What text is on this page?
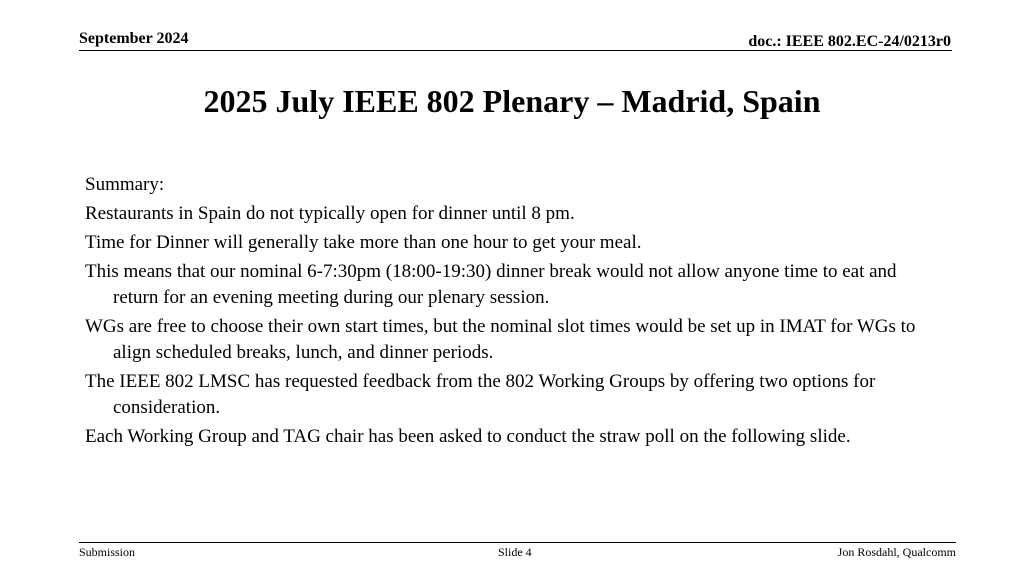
September 2024	doc.: IEEE 802.EC-24/0213r0
2025 July IEEE 802 Plenary – Madrid, Spain

Summary:

Restaurants in Spain do not typically open for dinner until 8 pm.

Time for Dinner will generally take more than one hour to get your meal.

This means that our nominal 6-7:30pm (18:00-19:30) dinner break would not allow anyone time to eat and return for an evening meeting during our plenary session.

WGs are free to choose their own start times, but the nominal slot times would be set up in IMAT for WGs to align scheduled breaks, lunch, and dinner periods.

The IEEE 802 LMSC has requested feedback from the 802 Working Groups by offering two options for consideration.

Each Working Group and TAG chair has been asked to conduct the straw poll on the following slide.

Submission	Slide 4	Jon Rosdahl, Qualcomm
